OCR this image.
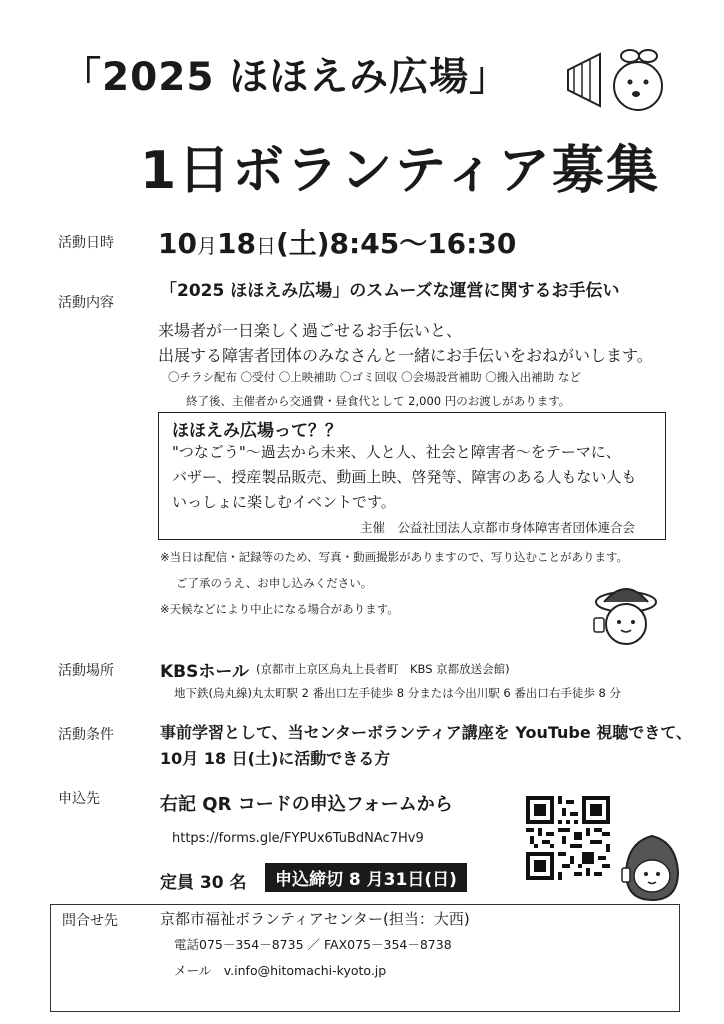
「2025 ほほえみ広場」
1日ボランティア募集
活動日時 10月18日(土)8:45〜16:30
活動内容
「2025 ほほえみ広場」のスムーズな運営に関するお手伝い
来場者が一日楽しく過ごせるお手伝いと、
出展する障害者団体のみなさんと一緒にお手伝いをおねがいします。
〇チラシ配布 〇受付 〇上映補助 〇ゴミ回収 〇会場設営補助 〇搬入出補助 など
終了後、主催者から交通費・昼食代として 2,000 円のお渡しがあります。
ほほえみ広場って？？
"つなごう"〜過去から未来、人と人、社会と障害者〜をテーマに、
バザー、授産製品販売、動画上映、啓発等、障害のある人もない人も
いっしょに楽しむイベントです。
主催　公益社団法人京都市身体障害者団体連合会
※当日は配信・記録等のため、写真・動画撮影がありますので、写り込むことがあります。
ご了承のうえ、お申し込みください。
※天候などにより中止になる場合があります。
活動場所	KBSホール (京都市上京区烏丸上長者町　KBS 京都放送会館)
地下鉄(烏丸線)丸太町駅 2 番出口左手徒歩 8 分または今出川駅 6 番出口右手徒歩 8 分
活動条件	事前学習として、当センターボランティア講座を YouTube 視聴できて、
10月 18 日(土)に活動できる方
申込先	右記 QR コードの申込フォームから
https://forms.gle/FYPUx6TuBdNAc7Hv9
定員 30 名	申込締切 8 月31日(日)
問合せ先	京都市福祉ボランティアセンター(担当：大西)
電話075－354－8735 ／ FAX075－354－8738
メール　v.info@hitomachi-kyoto.jp
